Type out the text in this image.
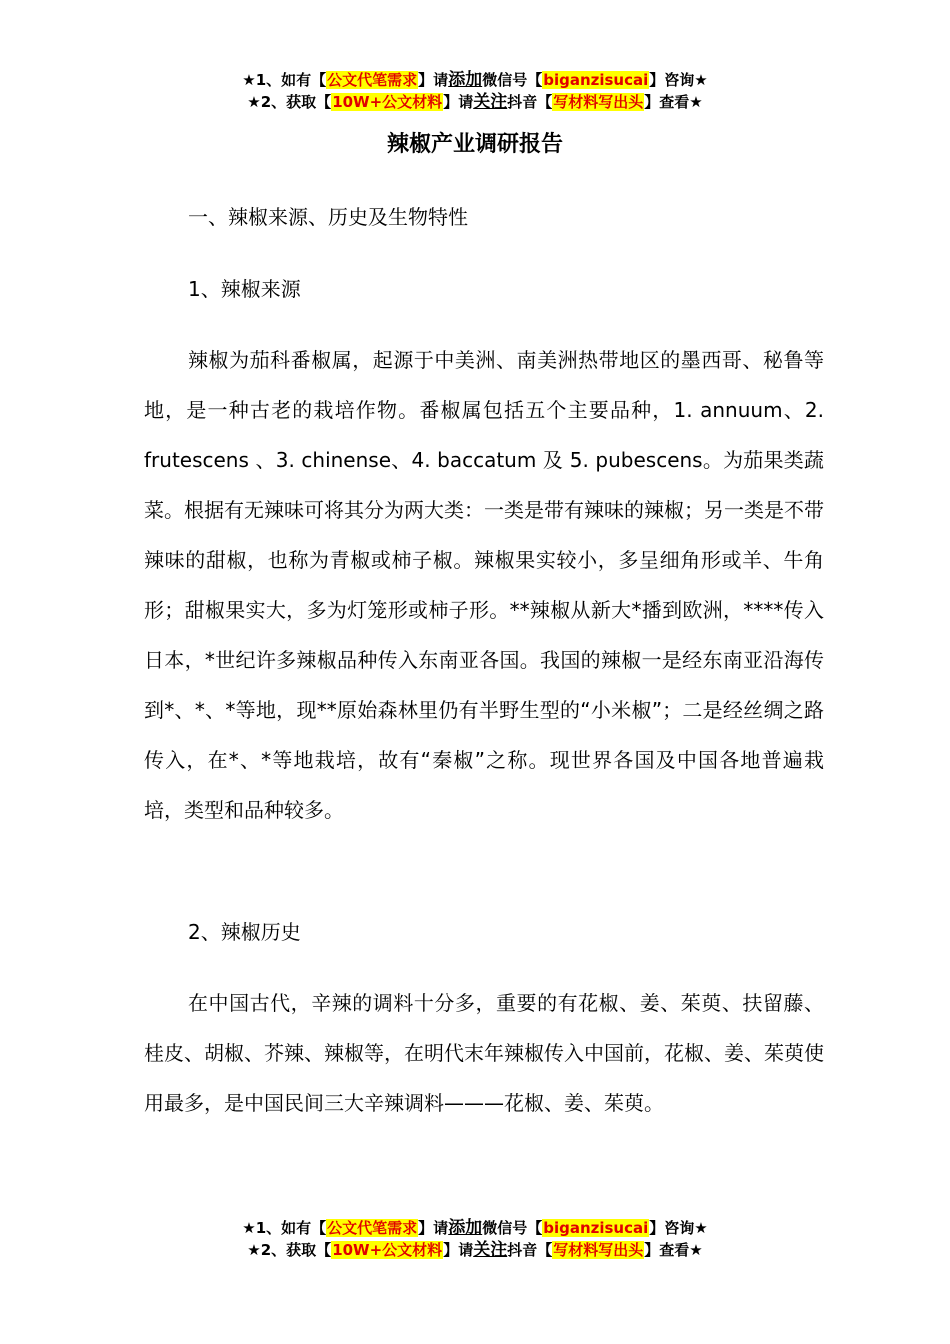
★1、如有【公文代笔需求】请添加微信号【biganzisucai】咨询★
★2、获取【10W+公文材料】请关注抖音【写材料写出头】查看★
辣椒产业调研报告

一、辣椒来源、历史及生物特性

1、辣椒来源

辣椒为茄科番椒属，起源于中美洲、南美洲热带地区的墨西哥、秘鲁等地，是一种古老的栽培作物。番椒属包括五个主要品种，1. annuum、2. frutescens 、3. chinense、4. baccatum 及 5. pubescens。为茄果类蔬菜。根据有无辣味可将其分为两大类：一类是带有辣味的辣椒；另一类是不带辣味的甜椒，也称为青椒或柿子椒。辣椒果实较小，多呈细角形或羊、牛角形；甜椒果实大，多为灯笼形或柿子形。**辣椒从新大*播到欧洲，****传入日本，*世纪许多辣椒品种传入东南亚各国。我国的辣椒一是经东南亚沿海传到*、*、*等地，现**原始森林里仍有半野生型的“小米椒”；二是经丝绸之路传入，在*、*等地栽培，故有“秦椒”之称。现世界各国及中国各地普遍栽培，类型和品种较多。

2、辣椒历史

在中国古代，辛辣的调料十分多，重要的有花椒、姜、茱萸、扶留藤、桂皮、胡椒、芥辣、辣椒等，在明代末年辣椒传入中国前，花椒、姜、茱萸使用最多，是中国民间三大辛辣调料———花椒、姜、茱萸。

★1、如有【公文代笔需求】请添加微信号【biganzisucai】咨询★
★2、获取【10W+公文材料】请关注抖音【写材料写出头】查看★
